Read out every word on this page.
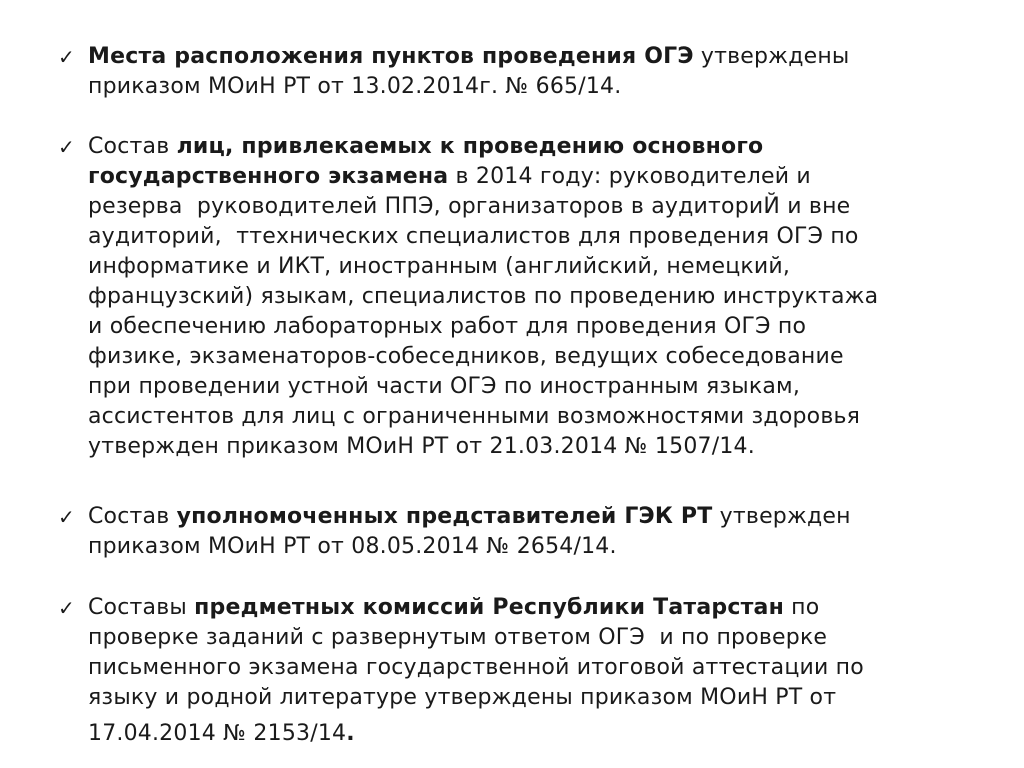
✓ Места расположения пунктов проведения ОГЭ утверждены
приказом МОиН РТ от 13.02.2014г. № 665/14.
✓ Состав лиц, привлекаемых к проведению основного
государственного экзамена в 2014 году: руководителей и
резерва  руководителей ППЭ, организаторов в аудиториЙ и вне
аудиторий,  ттехнических специалистов для проведения ОГЭ по
информатике и ИКТ, иностранным (английский, немецкий,
французский) языкам, специалистов по проведению инструктажа
и обеспечению лабораторных работ для проведения ОГЭ по
физике, экзаменаторов-собеседников, ведущих собеседование
при проведении устной части ОГЭ по иностранным языкам,
ассистентов для лиц с ограниченными возможностями здоровья
утвержден приказом МОиН РТ от 21.03.2014 № 1507/14.
✓ Состав уполномоченных представителей ГЭК РТ утвержден
приказом МОиН РТ от 08.05.2014 № 2654/14.
✓ Составы предметных комиссий Республики Татарстан по
проверке заданий с развернутым ответом ОГЭ  и по проверке
письменного экзамена государственной итоговой аттестации по
языку и родной литературе утверждены приказом МОиН РТ от
17.04.2014 № 2153/14.
